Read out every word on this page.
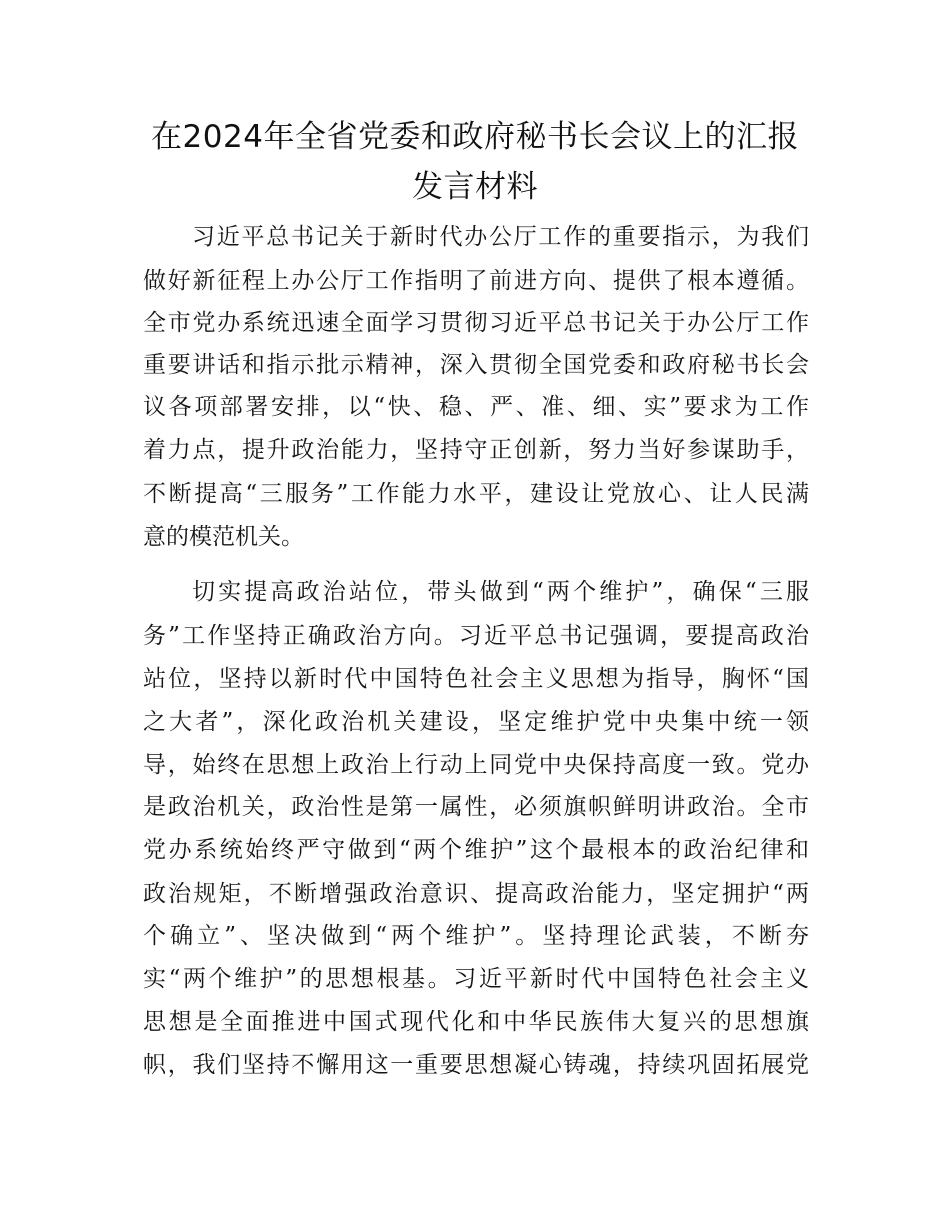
在2024年全省党委和政府秘书长会议上的汇报
发言材料
习近平总书记关于新时代办公厅工作的重要指示，为我们
做好新征程上办公厅工作指明了前进方向、提供了根本遵循。
全市党办系统迅速全面学习贯彻习近平总书记关于办公厅工作
重要讲话和指示批示精神，深入贯彻全国党委和政府秘书长会
议各项部署安排，以“快、稳、严、准、细、实”要求为工作
着力点，提升政治能力，坚持守正创新，努力当好参谋助手，
不断提高“三服务”工作能力水平，建设让党放心、让人民满
意的模范机关。
切实提高政治站位，带头做到“两个维护”，确保“三服
务”工作坚持正确政治方向。习近平总书记强调，要提高政治
站位，坚持以新时代中国特色社会主义思想为指导，胸怀“国
之大者”，深化政治机关建设，坚定维护党中央集中统一领
导，始终在思想上政治上行动上同党中央保持高度一致。党办
是政治机关，政治性是第一属性，必须旗帜鲜明讲政治。全市
党办系统始终严守做到“两个维护”这个最根本的政治纪律和
政治规矩，不断增强政治意识、提高政治能力，坚定拥护“两
个确立”、坚决做到“两个维护”。坚持理论武装，不断夯
实“两个维护”的思想根基。习近平新时代中国特色社会主义
思想是全面推进中国式现代化和中华民族伟大复兴的思想旗
帜，我们坚持不懈用这一重要思想凝心铸魂，持续巩固拓展党
